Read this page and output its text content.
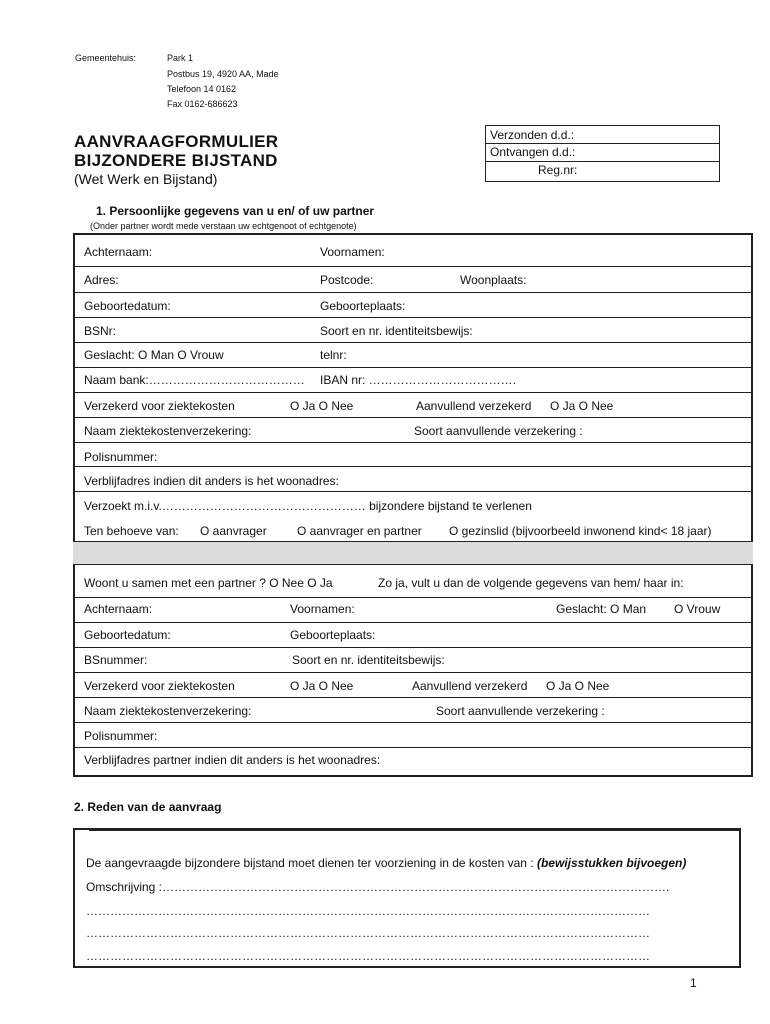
Gemeentehuis:	Park 1
Postbus 19, 4920 AA, Made
Telefoon 14 0162
Fax 0162-686623
AANVRAAGFORMULIER
BIJZONDERE BIJSTAND
(Wet Werk en Bijstand)
Verzonden d.d.:
Ontvangen d.d.:
Reg.nr:
1. Persoonlijke gegevens van u en/ of uw partner
(Onder partner wordt mede verstaan uw echtgenoot of echtgenote)
Achternaam:	Voornamen:
Adres:	Postcode:	Woonplaats:
Geboortedatum:	Geboorteplaats:
BSNr:	Soort en nr. identiteitsbewijs:
Geslacht: O Man O Vrouw	telnr:
Naam bank:………………………………… IBAN nr: ……………………………….
Verzekerd voor ziektekosten	O Ja O Nee	Aanvullend verzekerd O Ja O Nee
Naam ziektekostenverzekering:	Soort aanvullende verzekering :
Polisnummer:
Verblijfadres indien dit anders is het woonadres:
Verzoekt m.i.v.…………………………………………… bijzondere bijstand te verlenen
Ten behoeve van: O aanvrager	O aanvrager en partner O gezinslid (bijvoorbeeld inwonend kind< 18 jaar)
Woont u samen met een partner ? O Nee O Ja	Zo ja, vult u dan de volgende gegevens van hem/ haar in:
Achternaam:	Voornamen:	Geslacht: O Man O Vrouw
Geboortedatum:	Geboorteplaats:
BSnummer:	Soort en nr. identiteitsbewijs:
Verzekerd voor ziektekosten	O Ja O Nee	Aanvullend verzekerd O Ja O Nee
Naam ziektekostenverzekering:	Soort aanvullende verzekering :
Polisnummer:
Verblijfadres partner indien dit anders is het woonadres:
2. Reden van de aanvraag
De aangevraagde bijzondere bijstand moet dienen ter voorziening in de kosten van : (bewijsstukken bijvoegen)
Omschrijving :……………………………………………………………………………………………………………….
……………………………………………………………………………………………………………………………
……………………………………………………………………………………………………………………………
……………………………………………………………………………………………………………………………
1
